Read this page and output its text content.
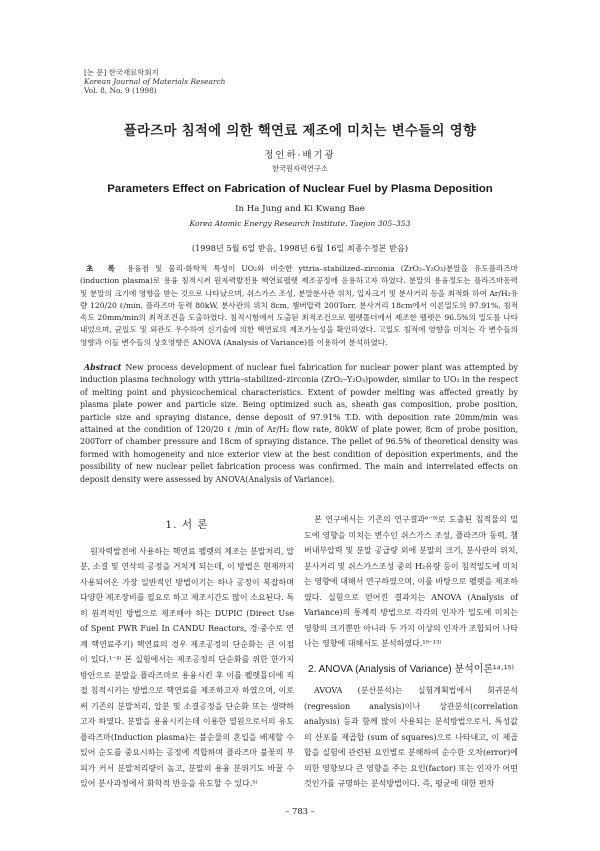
[논 문] 한국재료학회지
Korean Journal of Materials Research
Vol. 8, No. 9 (1998)
플라즈마 침적에 의한 핵연료 제조에 미치는 변수들의 영향
정인하·배기광
한국원자력연구소
Parameters Effect on Fabrication of Nuclear Fuel by Plasma Deposition
In Ha Jung and Ki Kwang Bae
Korea Atomic Energy Research Institute, Taejon 305–353
(1998년 5월 6일 받음, 1998년 6월 16일 최종수정본 받음)
초 록 용융점 및 물리·화학적 특성이 UO₂와 비슷한 yttria–stabilized–zirconia (ZrO₂–Y₂O₃)분말을 유도플라즈마 (induction plasma)로 용융 침적시켜 원자력발전용 핵연료펠렛 제조공정에 응용하고자 하였다. 분말의 용융정도는 플라즈마동력 및 분말의 크기에 영향을 받는 것으로 나타났으며, 쉬스가스 조성, 분말분사관 위치, 입자크기 및 분사거리 등을 최적화 하여 Ar/H₂유량 120/20 ℓ/min, 플라즈마 동력 80kW, 분사관의 위치 8cm, 챔버압력 200Torr, 분사거리 18cm에서 이론밀도의 97.91%, 침적속도 20mm/min의 최적조건을 도출하였다. 침적시험에서 도출된 최적조건으로 펠렛몰더에서 제조한 펠렛은 96.5%의 밀도를 나타내었으며, 균일도 및 외관도 우수하여 신기술에 의한 핵연료의 제조가능성을 확인하였다. 고밀도 침적에 영향을 미치는 각 변수들의 영향과 이들 변수들의 상호영향은 ANOVA (Analysis of Variance)를 이용하여 분석하였다.
Abstract New process development of nuclear fuel fabrication for nuclear power plant was attempted by induction plasma technology with yttria–stabilized–zirconia (ZrO₂–Y₂O₃)powder, similar to UO₂ in the respect of melting point and physicochemical characteristics. Extent of powder melting was affected greatly by plasma plate power and particle size. Being optimized such as, sheath gas composition, probe position, particle size and spraying distance, dense deposit of 97.91% T.D. with deposition rate 20mm/min was attained at the condition of 120/20 ℓ /min of Ar/H₂ flow rate, 80kW of plate power, 8cm of probe position, 200Torr of chamber pressure and 18cm of spraying distance. The pellet of 96.5% of theoretical density was formed with homogeneity and nice exterior view at the best condition of deposition experiments, and the possibility of new nuclear pellet fabrication process was confirmed. The main and interrelated effects on deposit density were assessed by ANOVA(Analysis of Variance).
1. 서 론

원자력발전에 사용하는 핵연료 펠렛의 제조는 분말처리, 압분, 소결 및 연삭의 공정을 거치게 되는데, 이 방법은 현재까지 사용되어온 가장 일반적인 방법이기는 하나 공정이 복잡하며 다양한 제조장비를 필요로 하고 제조시간도 많이 소요된다. 특히 원격적인 방법으로 제조해야 하는 DUPIC (Direct Use of Spent PWR Fuel In CANDU Reactors, 경·중수로 연계 핵연료주기) 핵연료의 경우 제조공정의 단순화는 큰 이점이 있다.¹⁻⁴⁾ 본 실험에서는 제조공정의 단순화를 위한 한가지 방안으로 분말을 플라즈마로 용융시킨 후 이를 펠렛몰더에 직접 침적시키는 방법으로 핵연료를 제조하고자 하였으며, 이로써 기존의 분말처리, 압분 및 소결공정을 단순화 또는 생략하고자 하였다. 분말을 용융시키는데 이용한 열원으로서의 유도플라즈마(Induction plasma)는 불순물의 혼입을 배제할 수 있어 순도를 중요시하는 공정에 적합하며 플라즈마 불꽃의 부피가 커서 분말처리량이 높고, 분말의 용융 분위기도 바꿀 수 있어 분사과정에서 화학적 반응을 유도할 수 있다.⁵⁾

본 연구에서는 기존의 연구결과⁶⁻⁹⁾로 도출된 침적물의 밀도에 영향을 미치는 변수인 쉬스가스 조성, 플라즈마 동력, 챔버내부압력 및 분말 공급량 외에 분말의 크기, 분사관의 위치, 분사거리 및 쉬스가스조성 중의 H₂유량 등이 침적밀도에 미치는 영향에 대해서 연구하였으며, 이를 바탕으로 펠렛을 제조하였다. 실험으로 얻어진 결과치는 ANOVA (Analysis of Variance)의 통계적 방법으로 각각의 인자가 밀도에 미치는 영향의 크기뿐만 아니라 두 가지 이상의 인자가 조합되어 나타나는 영향에 대해서도 분석하였다.¹⁰⁻¹³⁾

2. ANOVA (Analysis of Variance) 분석이론¹⁴·¹⁵⁾

AVOVA (분산분석)는 실험계획법에서 회귀분석 (regression analysis)이나 상관분석(correlation analysis) 등과 함께 많이 사용되는 분석방법으로서, 특성값의 산포를 제곱합 (sum of squares)으로 나타내고, 이 제곱합을 실험에 관련된 요인별로 분해하여 순수한 오차(error)에 의한 영향보다 큰 영향을 주는 요인(factor) 또는 인자가 어떤 것인가를 규명하는 분석방법이다. 즉, 평균에 대한 편차

– 783 –
